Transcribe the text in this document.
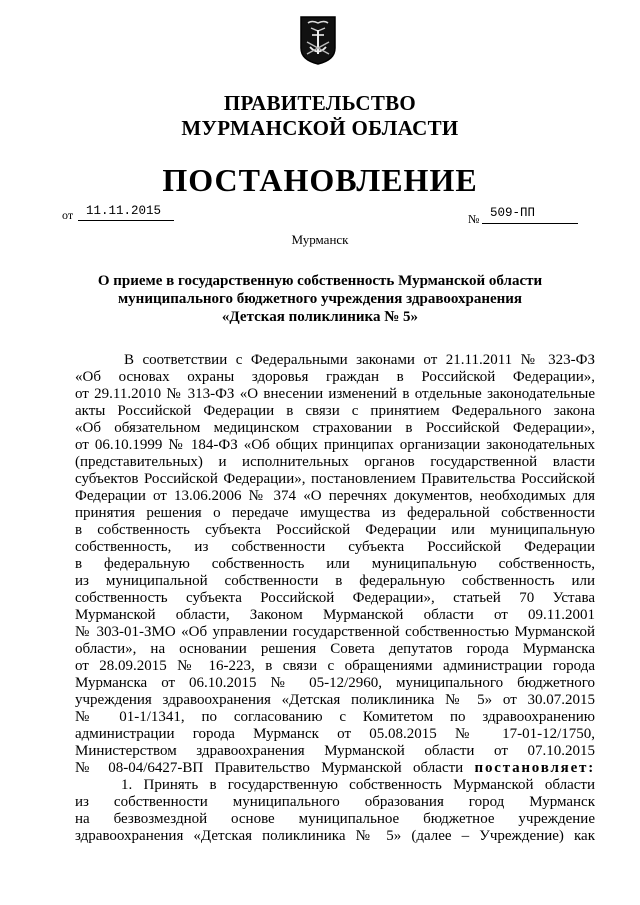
ПРАВИТЕЛЬСТВО
МУРМАНСКОЙ ОБЛАСТИ
ПОСТАНОВЛЕНИЕ
от 11.11.2015
№ 509-ПП
Мурманск
О приеме в государственную собственность Мурманской области
муниципального бюджетного учреждения здравоохранения
«Детская поликлиника № 5»
В соответствии с Федеральными законами от 21.11.2011 № 323-ФЗ
«Об основах охраны здоровья граждан в Российской Федерации»,
от 29.11.2010 № 313-ФЗ «О внесении изменений в отдельные законодательные
акты Российской Федерации в связи с принятием Федерального закона
«Об обязательном медицинском страховании в Российской Федерации»,
от 06.10.1999 № 184-ФЗ «Об общих принципах организации законодательных
(представительных) и исполнительных органов государственной власти
субъектов Российской Федерации», постановлением Правительства Российской
Федерации от 13.06.2006 № 374 «О перечнях документов, необходимых для
принятия решения о передаче имущества из федеральной собственности
в собственность субъекта Российской Федерации или муниципальную
собственность, из собственности субъекта Российской Федерации
в федеральную собственность или муниципальную собственность,
из муниципальной собственности в федеральную собственность или
собственность субъекта Российской Федерации», статьей 70 Устава
Мурманской области, Законом Мурманской области от 09.11.2001
№ 303-01-ЗМО «Об управлении государственной собственностью Мурманской
области», на основании решения Совета депутатов города Мурманска
от 28.09.2015 № 16-223, в связи с обращениями администрации города
Мурманска от 06.10.2015 № 05-12/2960, муниципального бюджетного
учреждения здравоохранения «Детская поликлиника № 5» от 30.07.2015
№ 01-1/1341, по согласованию с Комитетом по здравоохранению
администрации города Мурманск от 05.08.2015 № 17-01-12/1750,
Министерством здравоохранения Мурманской области от 07.10.2015
№ 08-04/6427-ВП Правительство Мурманской области постановляет:
1. Принять в государственную собственность Мурманской области
из собственности муниципального образования город Мурманск
на безвозмездной основе муниципальное бюджетное учреждение
здравоохранения «Детская поликлиника № 5» (далее – Учреждение) как
